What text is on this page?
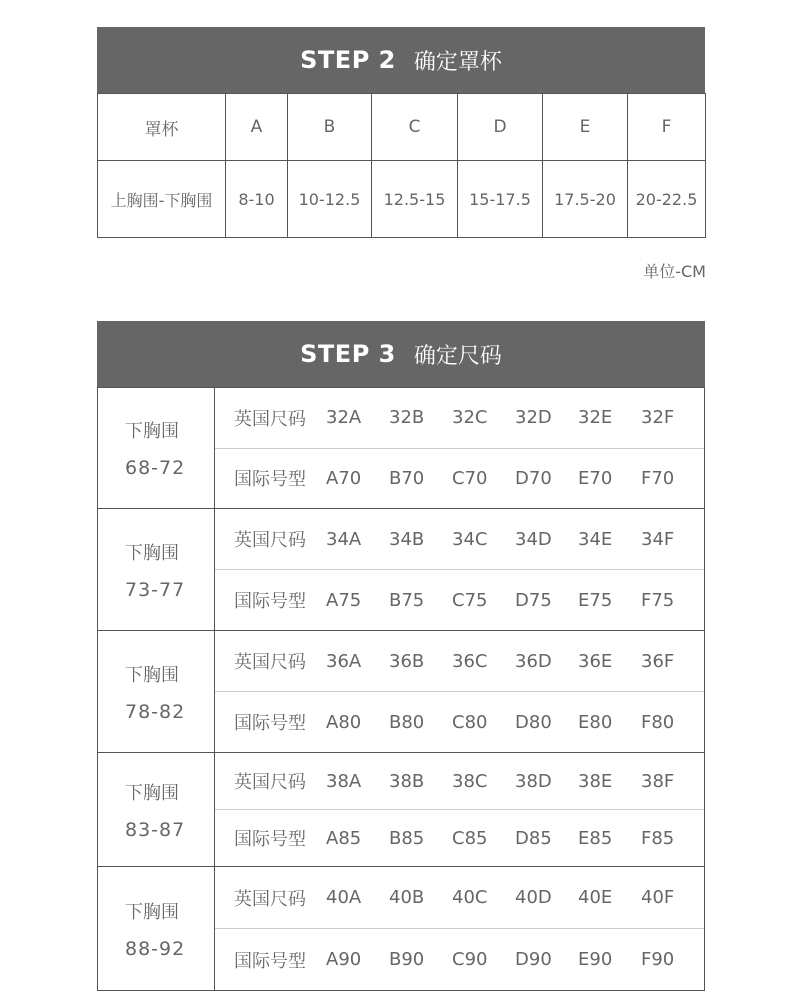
STEP 2 确定罩杯
罩杯	A	B	C	D	E	F
上胸围-下胸围	8-10	10-12.5	12.5-15	15-17.5	17.5-20	20-22.5
单位-CM
STEP 3 确定尺码
下胸围
68-72
英国尺码	32A	32B	32C	32D	32E	32F
国际号型	A70	B70	C70	D70	E70	F70
下胸围
73-77
英国尺码	34A	34B	34C	34D	34E	34F
国际号型	A75	B75	C75	D75	E75	F75
下胸围
78-82
英国尺码	36A	36B	36C	36D	36E	36F
国际号型	A80	B80	C80	D80	E80	F80
下胸围
83-87
英国尺码	38A	38B	38C	38D	38E	38F
国际号型	A85	B85	C85	D85	E85	F85
下胸围
88-92
英国尺码	40A	40B	40C	40D	40E	40F
国际号型	A90	B90	C90	D90	E90	F90
